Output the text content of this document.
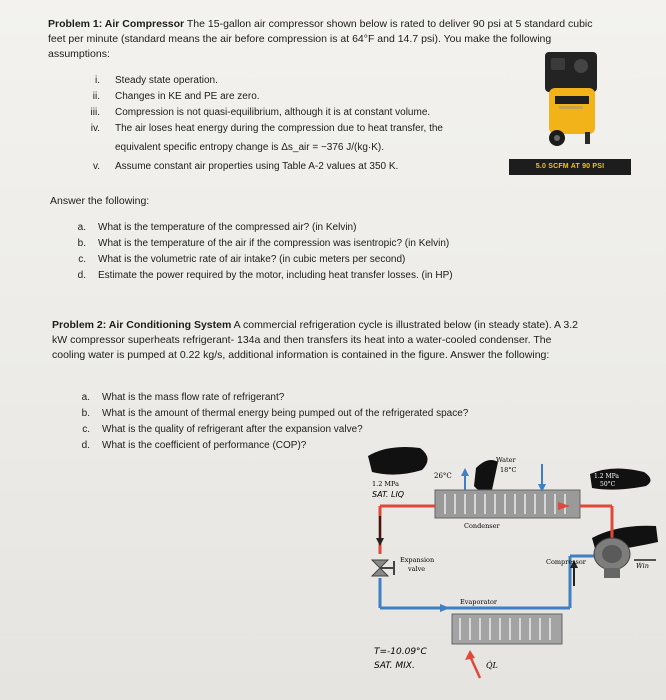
Problem 1: Air Compressor The 15-gallon air compressor shown below is rated to deliver 90 psi at 5 standard cubic
feet per minute (standard means the air before compression is at 64°F and 14.7 psi). You make the following
assumptions:
i. Steady state operation.
ii. Changes in KE and PE are zero.
iii. Compression is not quasi-equilibrium, although it is at constant volume.
iv. The air loses heat energy during the compression due to heat transfer, the
equivalent specific entropy change is Δs_air = −376 J/(kg·K).
v. Assume constant air properties using Table A-2 values at 350 K.	5.0 SCFM AT 90 PSI
Answer the following:
a. What is the temperature of the compressed air? (in Kelvin)
b. What is the temperature of the air if the compression was isentropic? (in Kelvin)
c. What is the volumetric rate of air intake? (in cubic meters per second)
d. Estimate the power required by the motor, including heat transfer losses. (in HP)
Problem 2: Air Conditioning System A commercial refrigeration cycle is illustrated below (in steady state). A 3.2
kW compressor superheats refrigerant- 134a and then transfers its heat into a water-cooled condenser. The
cooling water is pumped at 0.22 kg/s, additional information is contained in the figure. Answer the following:
a. What is the mass flow rate of refrigerant?
b. What is the amount of thermal energy being pumped out of the refrigerated space?
c. What is the quality of refrigerant after the expansion valve?
d. What is the coefficient of performance (COP)?
26°C
Water
18°C
1.2 MPa
SAT. LIQ
1.2 MPa
50°C
Condenser
Expansion
valve
Compressor
Evaporator
T=-10.09°C
SAT. MIX.	Q̇L
Ẇin
